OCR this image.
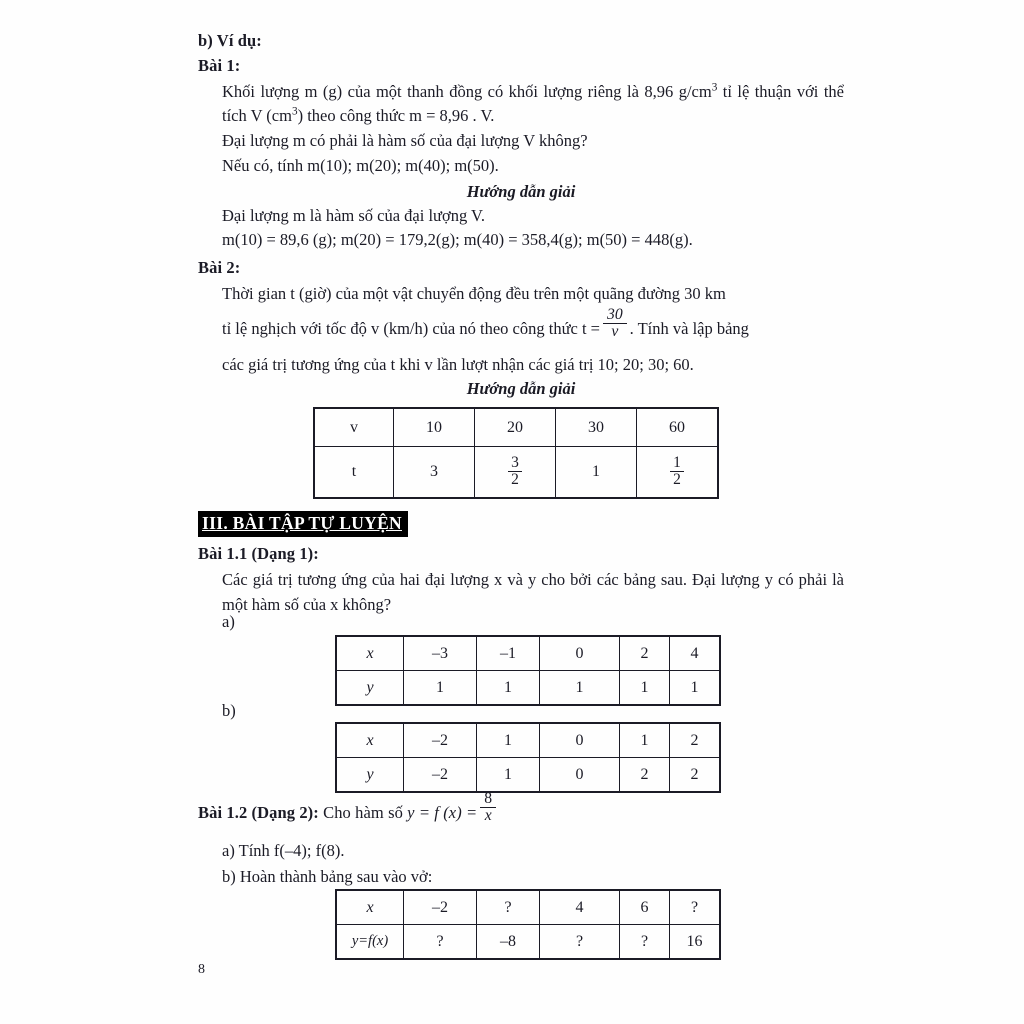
b) Ví dụ:

Bài 1:

Khối lượng m (g) của một thanh đồng có khối lượng riêng là 8,96 $g/cm^3$ tỉ lệ thuận với thể tích V $(cm^3)$ theo công thức m = 8,96 . V.

Đại lượng m có phải là hàm số của đại lượng V không?

Nếu có, tính m(10); m(20); m(40); m(50).

Hướng dẫn giải

Đại lượng m là hàm số của đại lượng V.

m(10) = 89,6 (g); m(20) = 179,2(g); m(40) = 358,4(g); m(50) = 448(g).

Bài 2:

Thời gian t (giờ) của một vật chuyển động đều trên một quãng đường 30 km

tỉ lệ nghịch với tốc độ v (km/h) của nó theo công thức $t = \frac{30}{v}$ . Tính và lập bảng

các giá trị tương ứng của t khi v lần lượt nhận các giá trị 10; 20; 30; 60.

Hướng dẫn giải

III. BÀI TẬP TỰ LUYỆN

Bài 1.1 (Dạng 1):

Các giá trị tương ứng của hai đại lượng x và y cho bởi các bảng sau. Đại lượng y có phải là một hàm số của x không?

Bài 1.2 (Dạng 2): Cho hàm số y = f $(x) = \frac{8}{x}$

a) Tính f(–4); f(8).

b) Hoàn thành bảng sau vào vở:

v	10	20	30	60
t	3	$\frac{3}{2}$	1	$\frac{1}{2}$
a)
x	–3	–1	0	2	4
y	1	1	1	1	1
b)
x	–2	1	0	1	2
y	–2	1	0	2	2
x	–2	?	4	6	?
y=f(x)	?	–8	?	?	16
8
